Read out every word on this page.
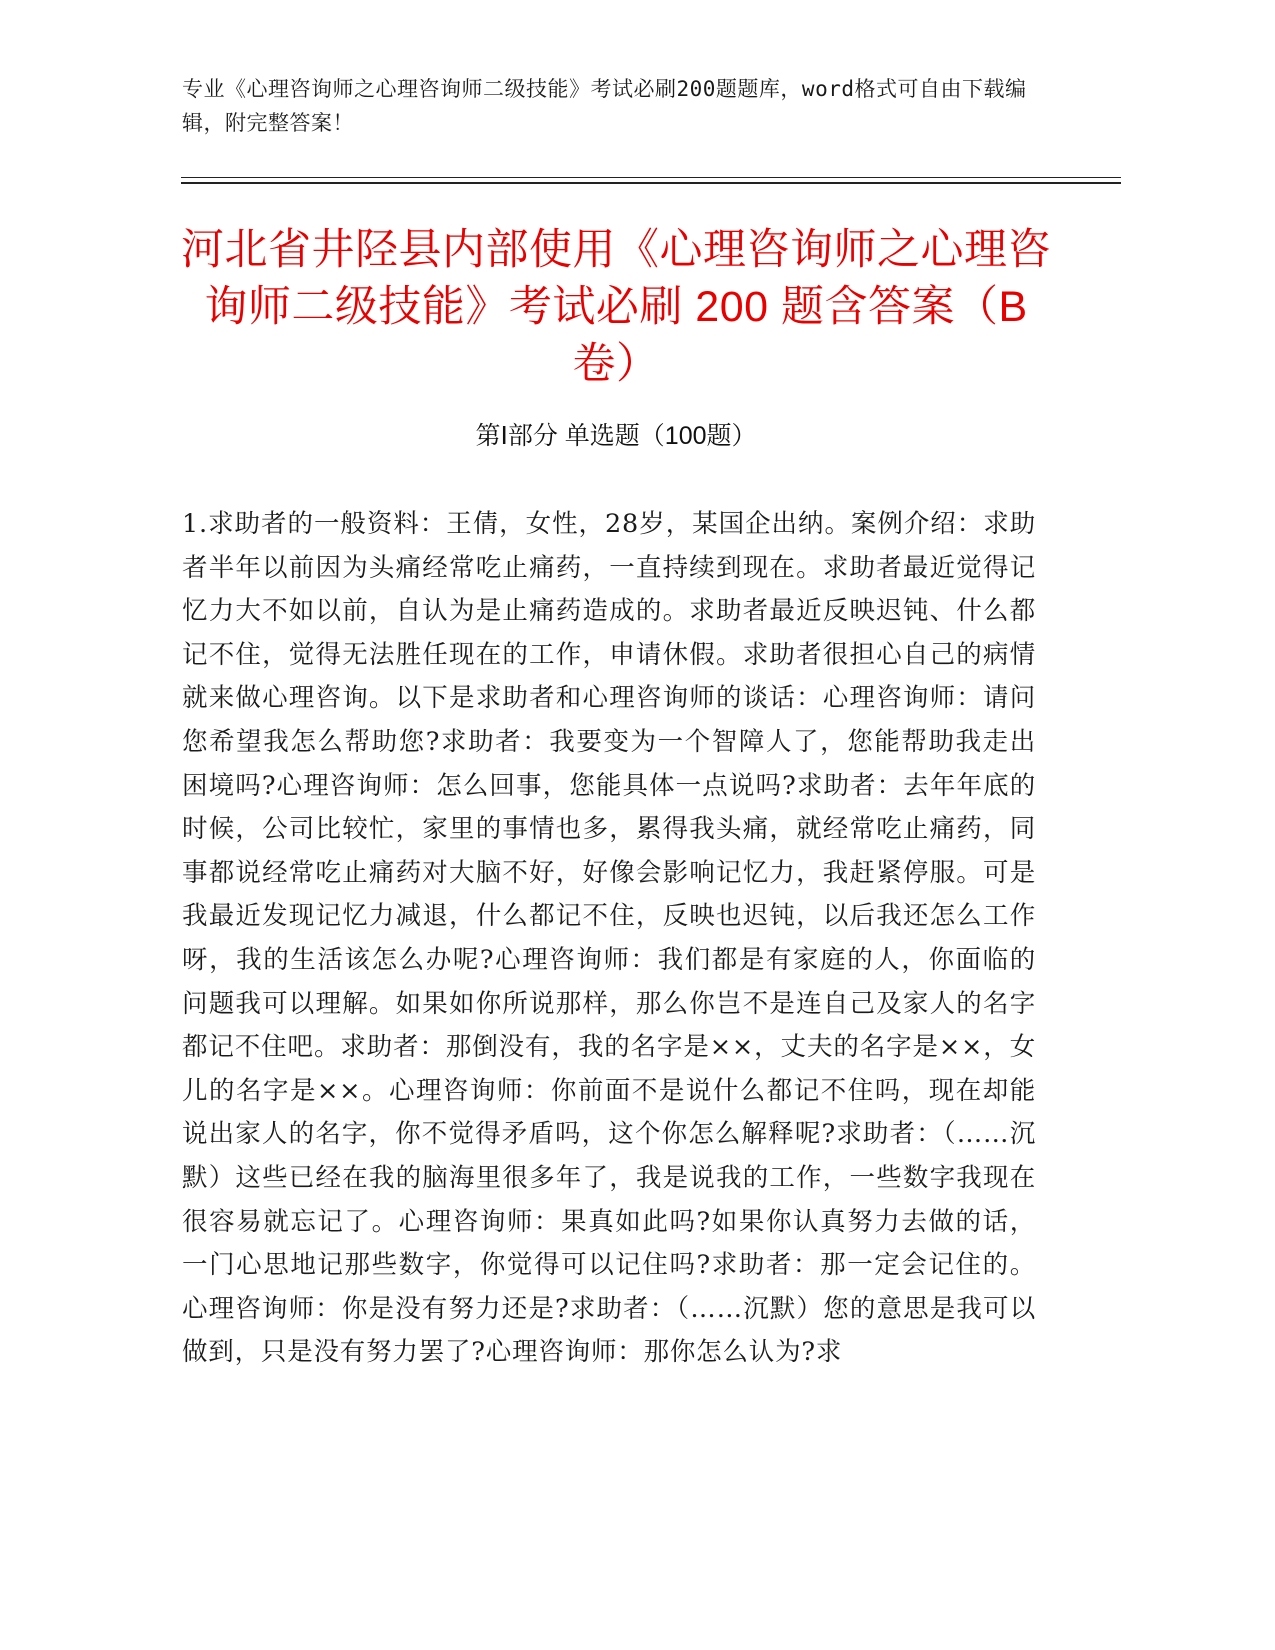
专业《心理咨询师之心理咨询师二级技能》考试必刷200题题库，word格式可自由下载编辑，附完整答案！
河北省井陉县内部使用《心理咨询师之心理咨询师二级技能》考试必刷 200 题含答案（B 卷）
第Ⅰ部分 单选题（100题）

1.求助者的一般资料：王倩，女性，28岁，某国企出纳。案例介绍：求助者半年以前因为头痛经常吃止痛药，一直持续到现在。求助者最近觉得记忆力大不如以前，自认为是止痛药造成的。求助者最近反映迟钝、什么都记不住，觉得无法胜任现在的工作，申请休假。求助者很担心自己的病情就来做心理咨询。以下是求助者和心理咨询师的谈话：心理咨询师：请问您希望我怎么帮助您?求助者：我要变为一个智障人了，您能帮助我走出困境吗?心理咨询师：怎么回事，您能具体一点说吗?求助者：去年年底的时候，公司比较忙，家里的事情也多，累得我头痛，就经常吃止痛药，同事都说经常吃止痛药对大脑不好，好像会影响记忆力，我赶紧停服。可是我最近发现记忆力减退，什么都记不住，反映也迟钝，以后我还怎么工作呀，我的生活该怎么办呢?心理咨询师：我们都是有家庭的人，你面临的问题我可以理解。如果如你所说那样，那么你岂不是连自己及家人的名字都记不住吧。求助者：那倒没有，我的名字是××，丈夫的名字是××，女儿的名字是××。心理咨询师：你前面不是说什么都记不住吗，现在却能说出家人的名字，你不觉得矛盾吗，这个你怎么解释呢?求助者：（……沉默）这些已经在我的脑海里很多年了，我是说我的工作，一些数字我现在很容易就忘记了。心理咨询师：果真如此吗?如果你认真努力去做的话，一门心思地记那些数字，你觉得可以记住吗?求助者：那一定会记住的。心理咨询师：你是没有努力还是?求助者：（……沉默）您的意思是我可以做到，只是没有努力罢了?心理咨询师：那你怎么认为?求
